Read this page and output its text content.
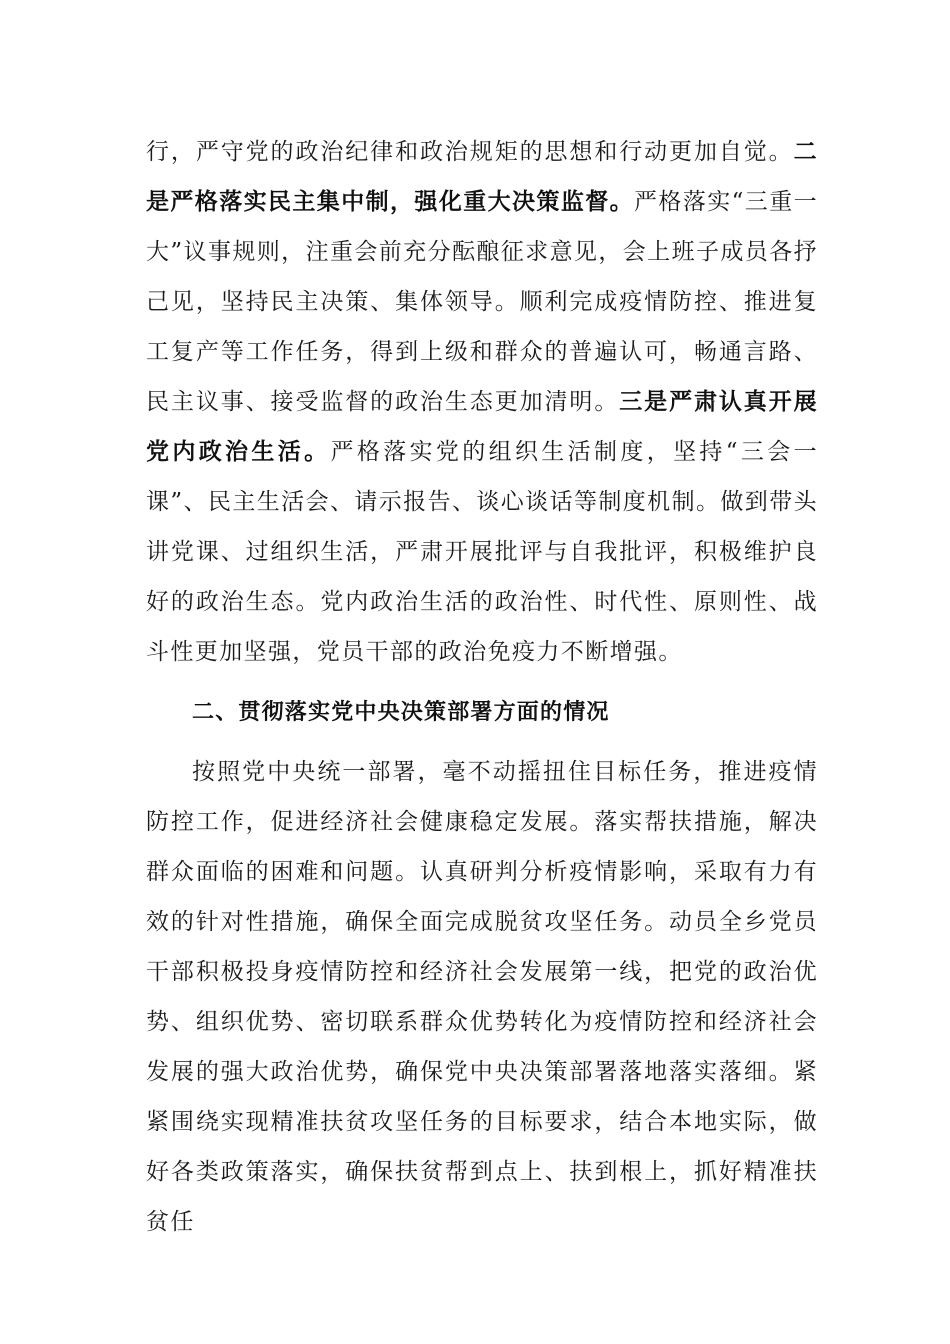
行，严守党的政治纪律和政治规矩的思想和行动更加自觉。二是严格落实民主集中制，强化重大决策监督。严格落实“三重一大”议事规则，注重会前充分酝酿征求意见，会上班子成员各抒己见，坚持民主决策、集体领导。顺利完成疫情防控、推进复工复产等工作任务，得到上级和群众的普遍认可，畅通言路、民主议事、接受监督的政治生态更加清明。三是严肃认真开展党内政治生活。严格落实党的组织生活制度，坚持“三会一课”、民主生活会、请示报告、谈心谈话等制度机制。做到带头讲党课、过组织生活，严肃开展批评与自我批评，积极维护良好的政治生态。党内政治生活的政治性、时代性、原则性、战斗性更加坚强，党员干部的政治免疫力不断增强。

二、贯彻落实党中央决策部署方面的情况

按照党中央统一部署，毫不动摇扭住目标任务，推进疫情防控工作，促进经济社会健康稳定发展。落实帮扶措施，解决群众面临的困难和问题。认真研判分析疫情影响，采取有力有效的针对性措施，确保全面完成脱贫攻坚任务。动员全乡党员干部积极投身疫情防控和经济社会发展第一线，把党的政治优势、组织优势、密切联系群众优势转化为疫情防控和经济社会发展的强大政治优势，确保党中央决策部署落地落实落细。紧紧围绕实现精准扶贫攻坚任务的目标要求，结合本地实际，做好各类政策落实，确保扶贫帮到点上、扶到根上，抓好精准扶贫任
